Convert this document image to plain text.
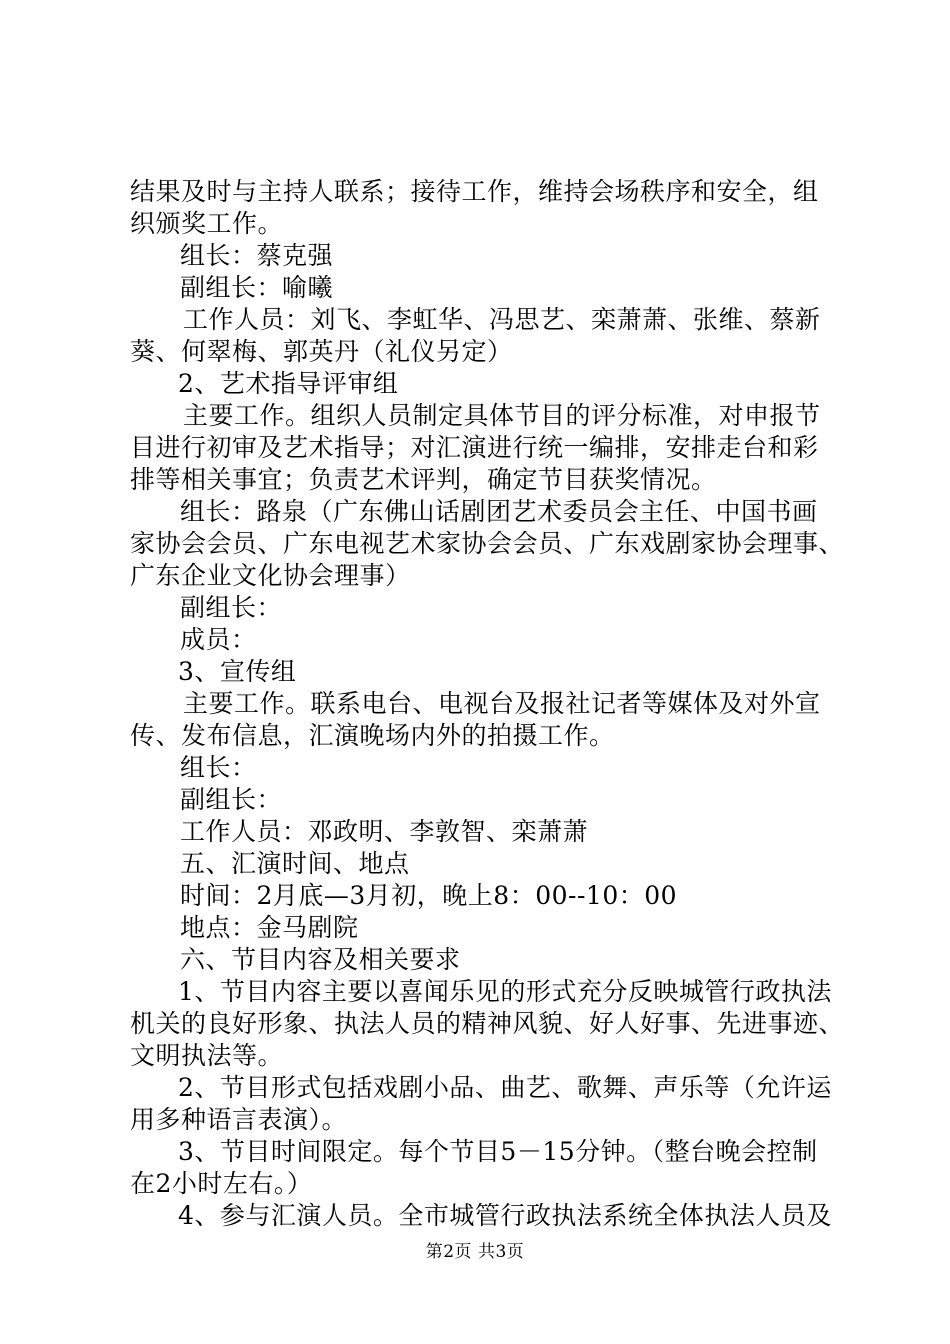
结果及时与主持人联系；接待工作，维持会场秩序和安全，组
织颁奖工作。
组长：蔡克强
副组长：喻曦
工作人员：刘飞、李虹华、冯思艺、栾萧萧、张维、蔡新
葵、何翠梅、郭英丹（礼仪另定）
2、艺术指导评审组
主要工作。组织人员制定具体节目的评分标准，对申报节
目进行初审及艺术指导；对汇演进行统一编排，安排走台和彩
排等相关事宜；负责艺术评判，确定节目获奖情况。
组长：路泉（广东佛山话剧团艺术委员会主任、中国书画
家协会会员、广东电视艺术家协会会员、广东戏剧家协会理事、
广东企业文化协会理事）
副组长：
成员：
3、宣传组
主要工作。联系电台、电视台及报社记者等媒体及对外宣
传、发布信息，汇演晚场内外的拍摄工作。
组长：
副组长：
工作人员：邓政明、李敦智、栾萧萧
五、汇演时间、地点
时间：2月底—3月初，晚上8：00--10：00
地点：金马剧院
六、节目内容及相关要求
1、节目内容主要以喜闻乐见的形式充分反映城管行政执法
机关的良好形象、执法人员的精神风貌、好人好事、先进事迹、
文明执法等。
2、节目形式包括戏剧小品、曲艺、歌舞、声乐等（允许运
用多种语言表演）。
3、节目时间限定。每个节目5－15分钟。（整台晚会控制
在2小时左右。）
4、参与汇演人员。全市城管行政执法系统全体执法人员及
第2页 共3页
